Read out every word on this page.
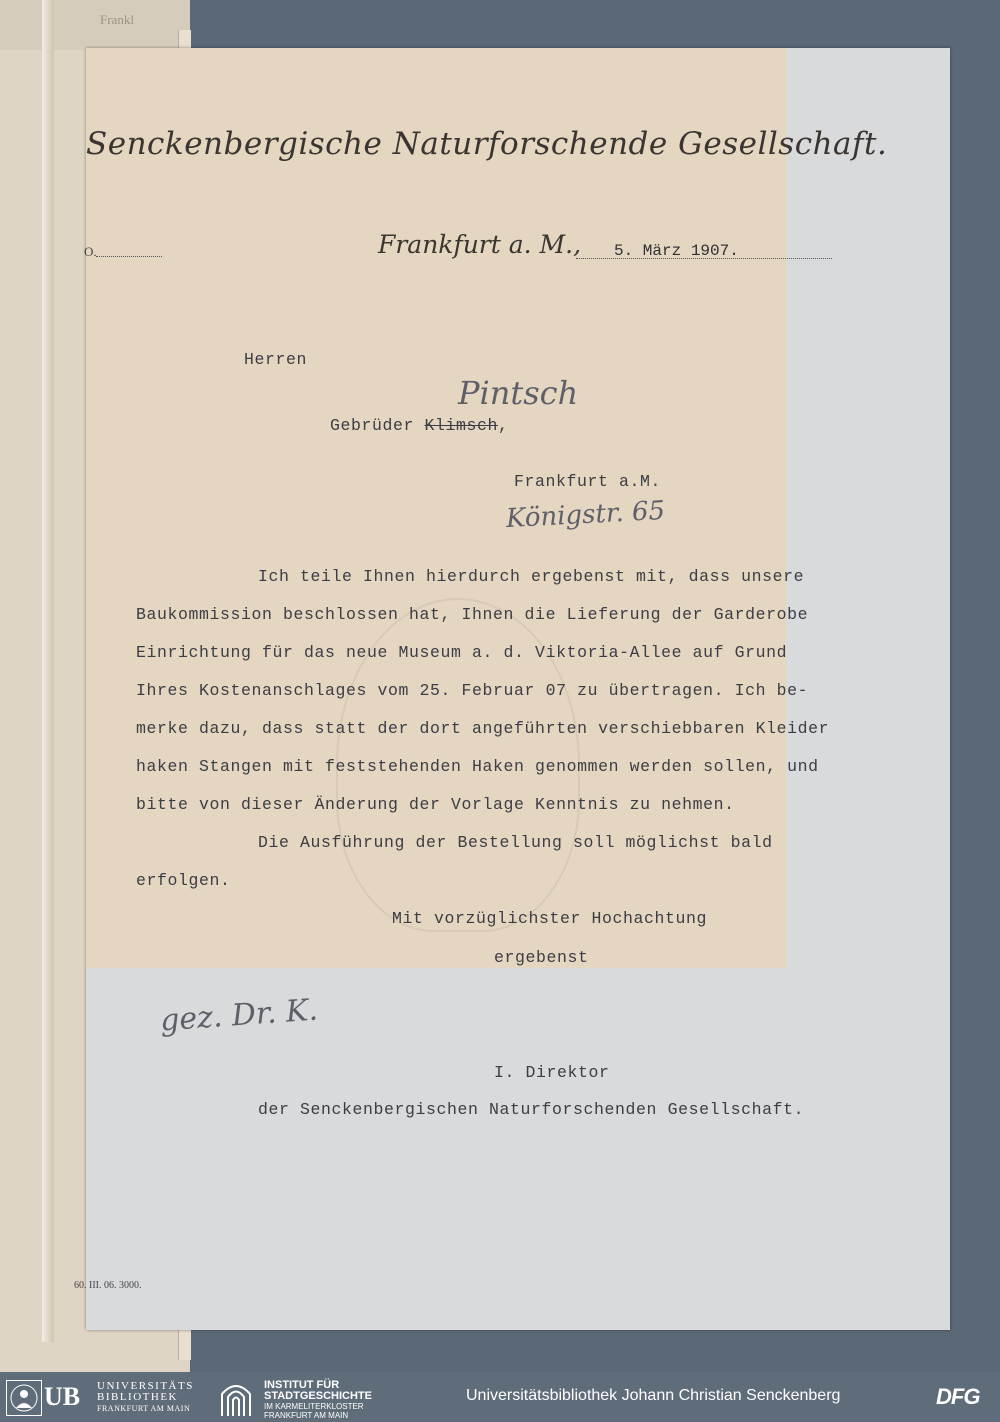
Frankl
Senckenbergische Naturforschende Gesellschaft.
O.	Frankfurt a. M., 5. März 1907.
Herren
Pintsch
Gebrüder Klimsch,
Frankfurt a.M.
Königstr. 65
Ich teile Ihnen hierdurch ergebenst mit, dass unsere
Baukommission beschlossen hat, Ihnen die Lieferung der Garderobe
Einrichtung für das neue Museum a. d. Viktoria-Allee auf Grund
Ihres Kostenanschlages vom 25. Februar 07 zu übertragen. Ich be-
merke dazu, dass statt der dort angeführten verschiebbaren Kleider
haken Stangen mit feststehenden Haken genommen werden sollen, und
bitte von dieser Änderung der Vorlage Kenntnis zu nehmen.
Die Ausführung der Bestellung soll möglichst bald
erfolgen.
Mit vorzüglichster Hochachtung
ergebenst
gez. Dr. K.
I. Direktor
der Senckenbergischen Naturforschenden Gesellschaft.
60. III. 06. 3000.
UB UNIVERSITÄTS
BIBLIOTHEK
FRANKFURT AM MAIN
INSTITUT FÜR
STADTGESCHICHTE
IM KARMELITERKLOSTER
FRANKFURT AM MAIN
Universitätsbibliothek Johann Christian Senckenberg	DFG
